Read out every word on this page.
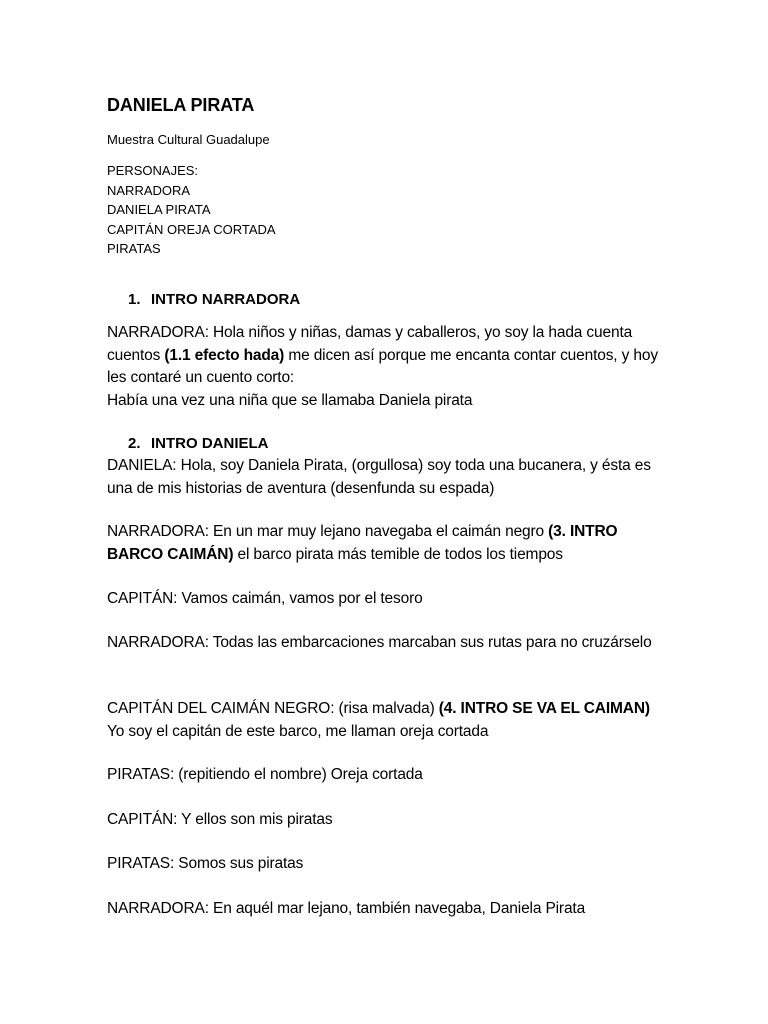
DANIELA PIRATA

Muestra Cultural Guadalupe

PERSONAJES:
NARRADORA
DANIELA PIRATA
CAPITÁN OREJA CORTADA
PIRATAS
1. INTRO NARRADORA

NARRADORA: Hola niños y niñas, damas y caballeros, yo soy la hada cuenta cuentos (1.1 efecto hada) me dicen así porque me encanta contar cuentos, y hoy les contaré un cuento corto:
Había una vez una niña que se llamaba Daniela pirata

2. INTRO DANIELA

DANIELA: Hola, soy Daniela Pirata, (orgullosa) soy toda una bucanera, y ésta es una de mis historias de aventura (desenfunda su espada)

NARRADORA: En un mar muy lejano navegaba el caimán negro (3. INTRO BARCO CAIMÁN) el barco pirata más temible de todos los tiempos

CAPITÁN: Vamos caimán, vamos por el tesoro

NARRADORA: Todas las embarcaciones marcaban sus rutas para no cruzárselo

CAPITÁN DEL CAIMÁN NEGRO: (risa malvada) (4. INTRO SE VA EL CAIMAN)
Yo soy el capitán de este barco, me llaman oreja cortada

PIRATAS: (repitiendo el nombre) Oreja cortada

CAPITÁN: Y ellos son mis piratas

PIRATAS: Somos sus piratas

NARRADORA: En aquél mar lejano, también navegaba, Daniela Pirata
